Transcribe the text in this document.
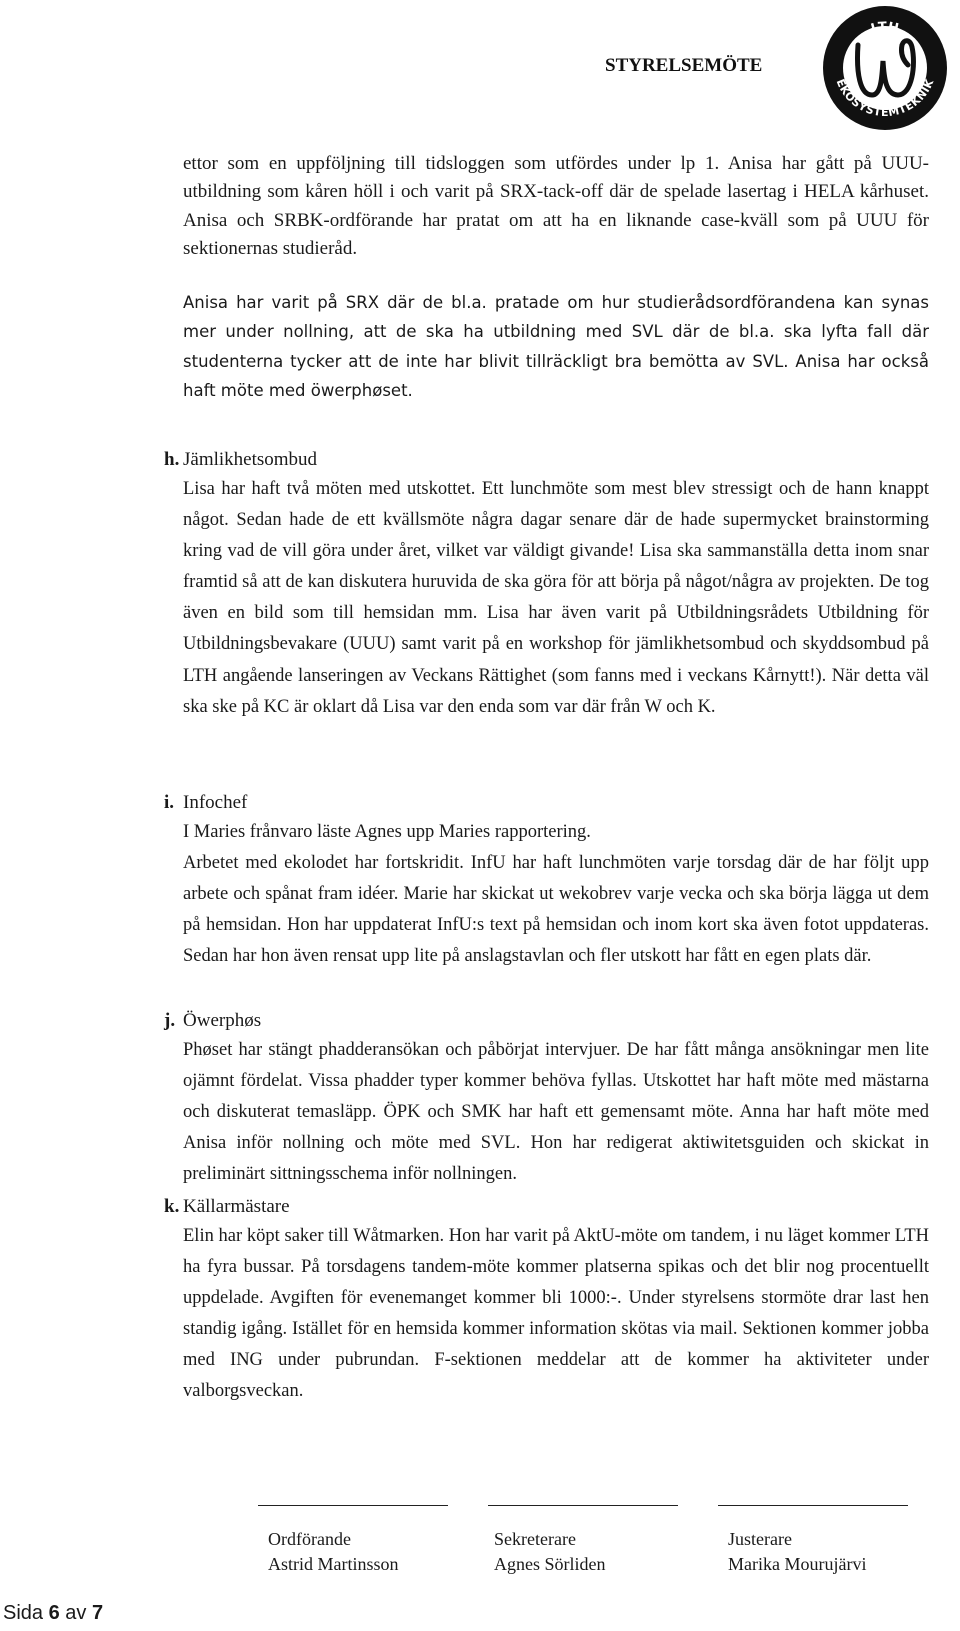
STYRELSEMÖTE
LTH
EKOSYSTEMTEKNIK

ettor som en uppföljning till tidsloggen som utfördes under lp 1. Anisa har gått på UUU-utbildning som kåren höll i och varit på SRX-tack-off där de spelade lasertag i HELA kårhuset. Anisa och SRBK-ordförande har pratat om att ha en liknande case-kväll som på UUU för sektionernas studieråd.

Anisa har varit på SRX där de bl.a. pratade om hur studierådsordförandena kan synas mer under nollning, att de ska ha utbildning med SVL där de bl.a. ska lyfta fall där studenterna tycker att de inte har blivit tillräckligt bra bemötta av SVL. Anisa har också haft möte med öwerphøset.

h. Jämlikhetsombud

Lisa har haft två möten med utskottet. Ett lunchmöte som mest blev stressigt och de hann knappt något. Sedan hade de ett kvällsmöte några dagar senare där de hade supermycket brainstorming kring vad de vill göra under året, vilket var väldigt givande! Lisa ska sammanställa detta inom snar framtid så att de kan diskutera huruvida de ska göra för att börja på något/några av projekten. De tog även en bild som till hemsidan mm. Lisa har även varit på Utbildningsrådets Utbildning för Utbildningsbevakare (UUU) samt varit på en workshop för jämlikhetsombud och skyddsombud på LTH angående lanseringen av Veckans Rättighet (som fanns med i veckans Kårnytt!). När detta väl ska ske på KC är oklart då Lisa var den enda som var där från W och K.

i. Infochef

I Maries frånvaro läste Agnes upp Maries rapportering.

Arbetet med ekolodet har fortskridit. InfU har haft lunchmöten varje torsdag där de har följt upp arbete och spånat fram idéer. Marie har skickat ut wekobrev varje vecka och ska börja lägga ut dem på hemsidan. Hon har uppdaterat InfU:s text på hemsidan och inom kort ska även fotot uppdateras. Sedan har hon även rensat upp lite på anslagstavlan och fler utskott har fått en egen plats där.

j. Öwerphøs

Phøset har stängt phadderansökan och påbörjat intervjuer. De har fått många ansökningar men lite ojämnt fördelat. Vissa phadder typer kommer behöva fyllas. Utskottet har haft möte med mästarna och diskuterat temasläpp. ÖPK och SMK har haft ett gemensamt möte. Anna har haft möte med Anisa inför nollning och möte med SVL. Hon har redigerat aktiwitetsguiden och skickat in preliminärt sittningsschema inför nollningen.

k. Källarmästare

Elin har köpt saker till Wåtmarken. Hon har varit på AktU-möte om tandem, i nu läget kommer LTH ha fyra bussar. På torsdagens tandem-möte kommer platserna spikas och det blir nog procentuellt uppdelade. Avgiften för evenemanget kommer bli 1000:-. Under styrelsens stormöte drar last hen standig igång. Istället för en hemsida kommer information skötas via mail. Sektionen kommer jobba med ING under pubrundan. F-sektionen meddelar att de kommer ha aktiviteter under valborgsveckan.

Ordförande
Astrid Martinsson
Sekreterare
Agnes Sörliden
Justerare
Marika Mourujärvi
Sida 6 av 7
